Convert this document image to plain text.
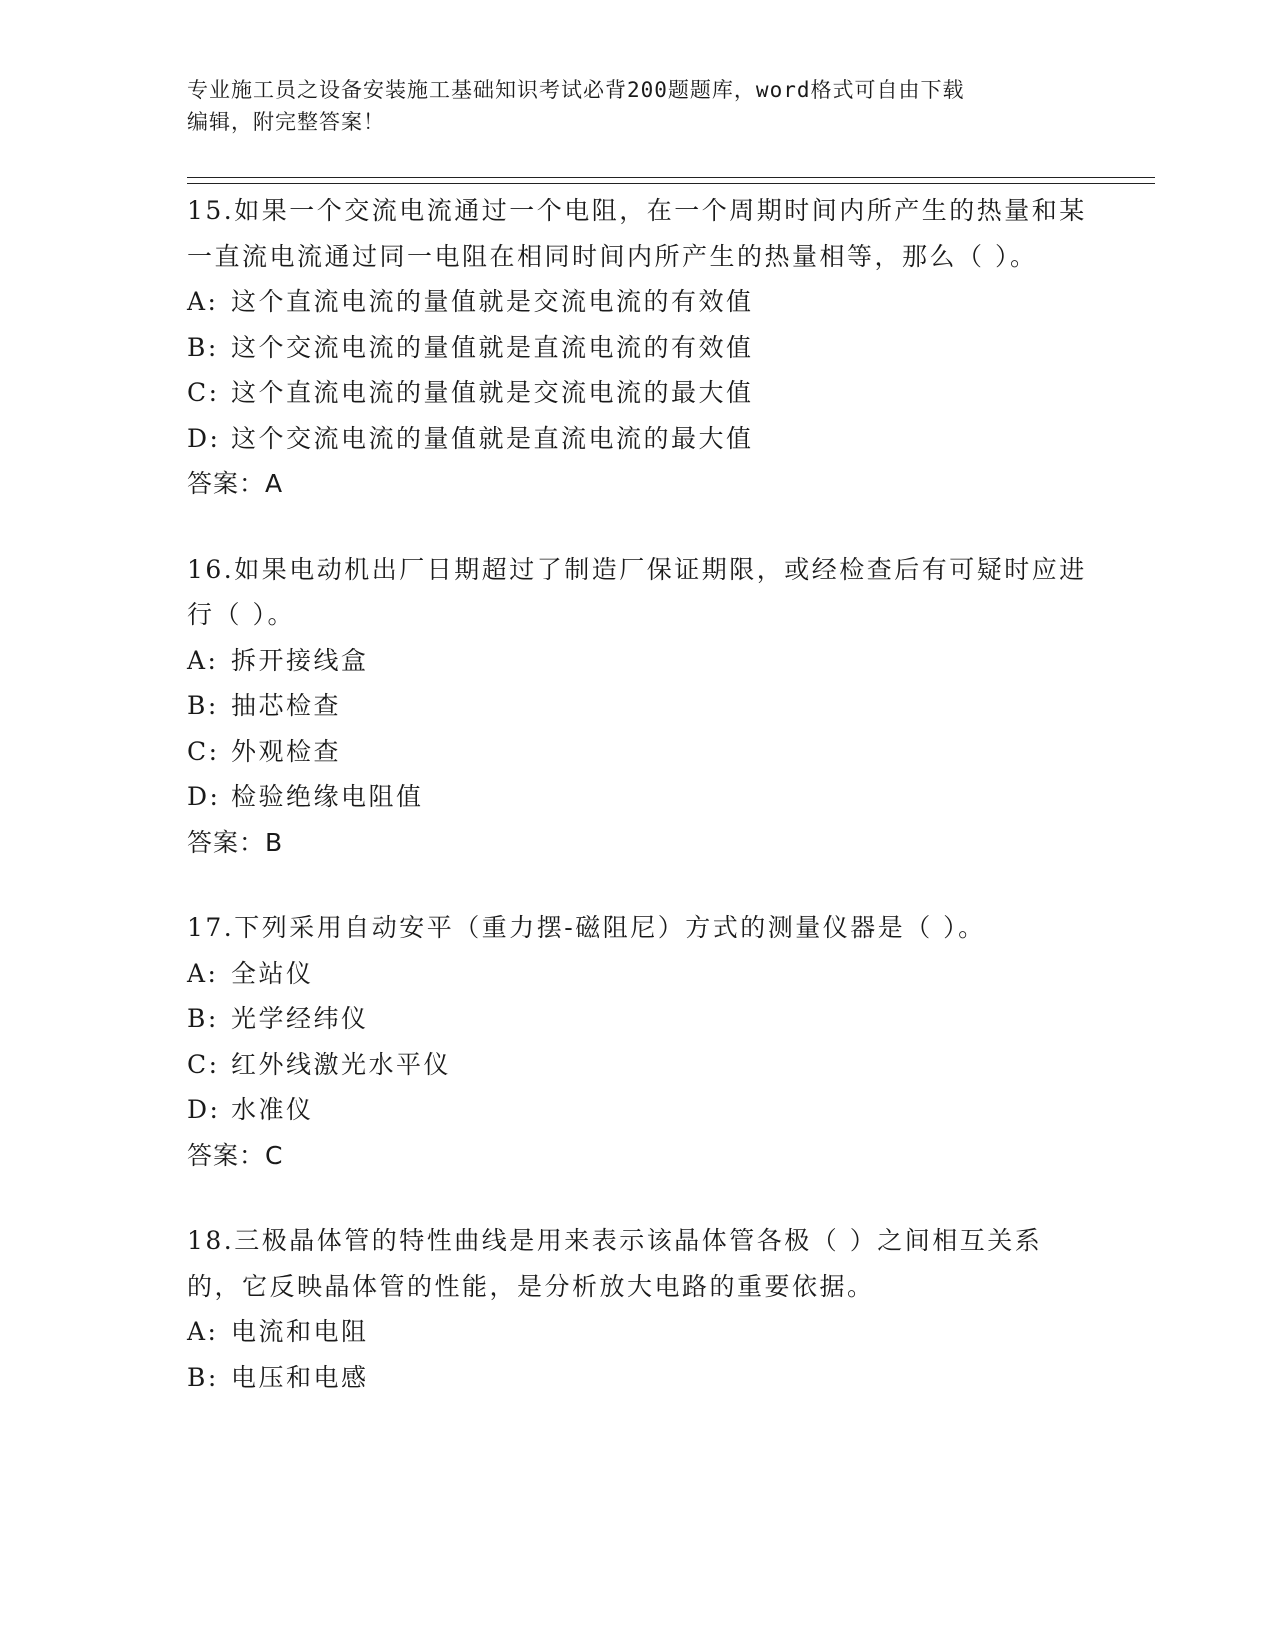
专业施工员之设备安装施工基础知识考试必背200题题库，word格式可自由下载
编辑，附完整答案！

15.如果一个交流电流通过一个电阻，在一个周期时间内所产生的热量和某一直流电流通过同一电阻在相同时间内所产生的热量相等，那么（ ）。

A: 这个直流电流的量值就是交流电流的有效值
B: 这个交流电流的量值就是直流电流的有效值
C: 这个直流电流的量值就是交流电流的最大值
D: 这个交流电流的量值就是直流电流的最大值
答案：A

16.如果电动机出厂日期超过了制造厂保证期限，或经检查后有可疑时应进行（ ）。

A: 拆开接线盒
B: 抽芯检查
C: 外观检查
D: 检验绝缘电阻值
答案：B

17.下列采用自动安平（重力摆-磁阻尼）方式的测量仪器是（ ）。

A: 全站仪
B: 光学经纬仪
C: 红外线激光水平仪
D: 水准仪
答案：C

18.三极晶体管的特性曲线是用来表示该晶体管各极（ ）之间相互关系的，它反映晶体管的性能，是分析放大电路的重要依据。

A: 电流和电阻
B: 电压和电感
